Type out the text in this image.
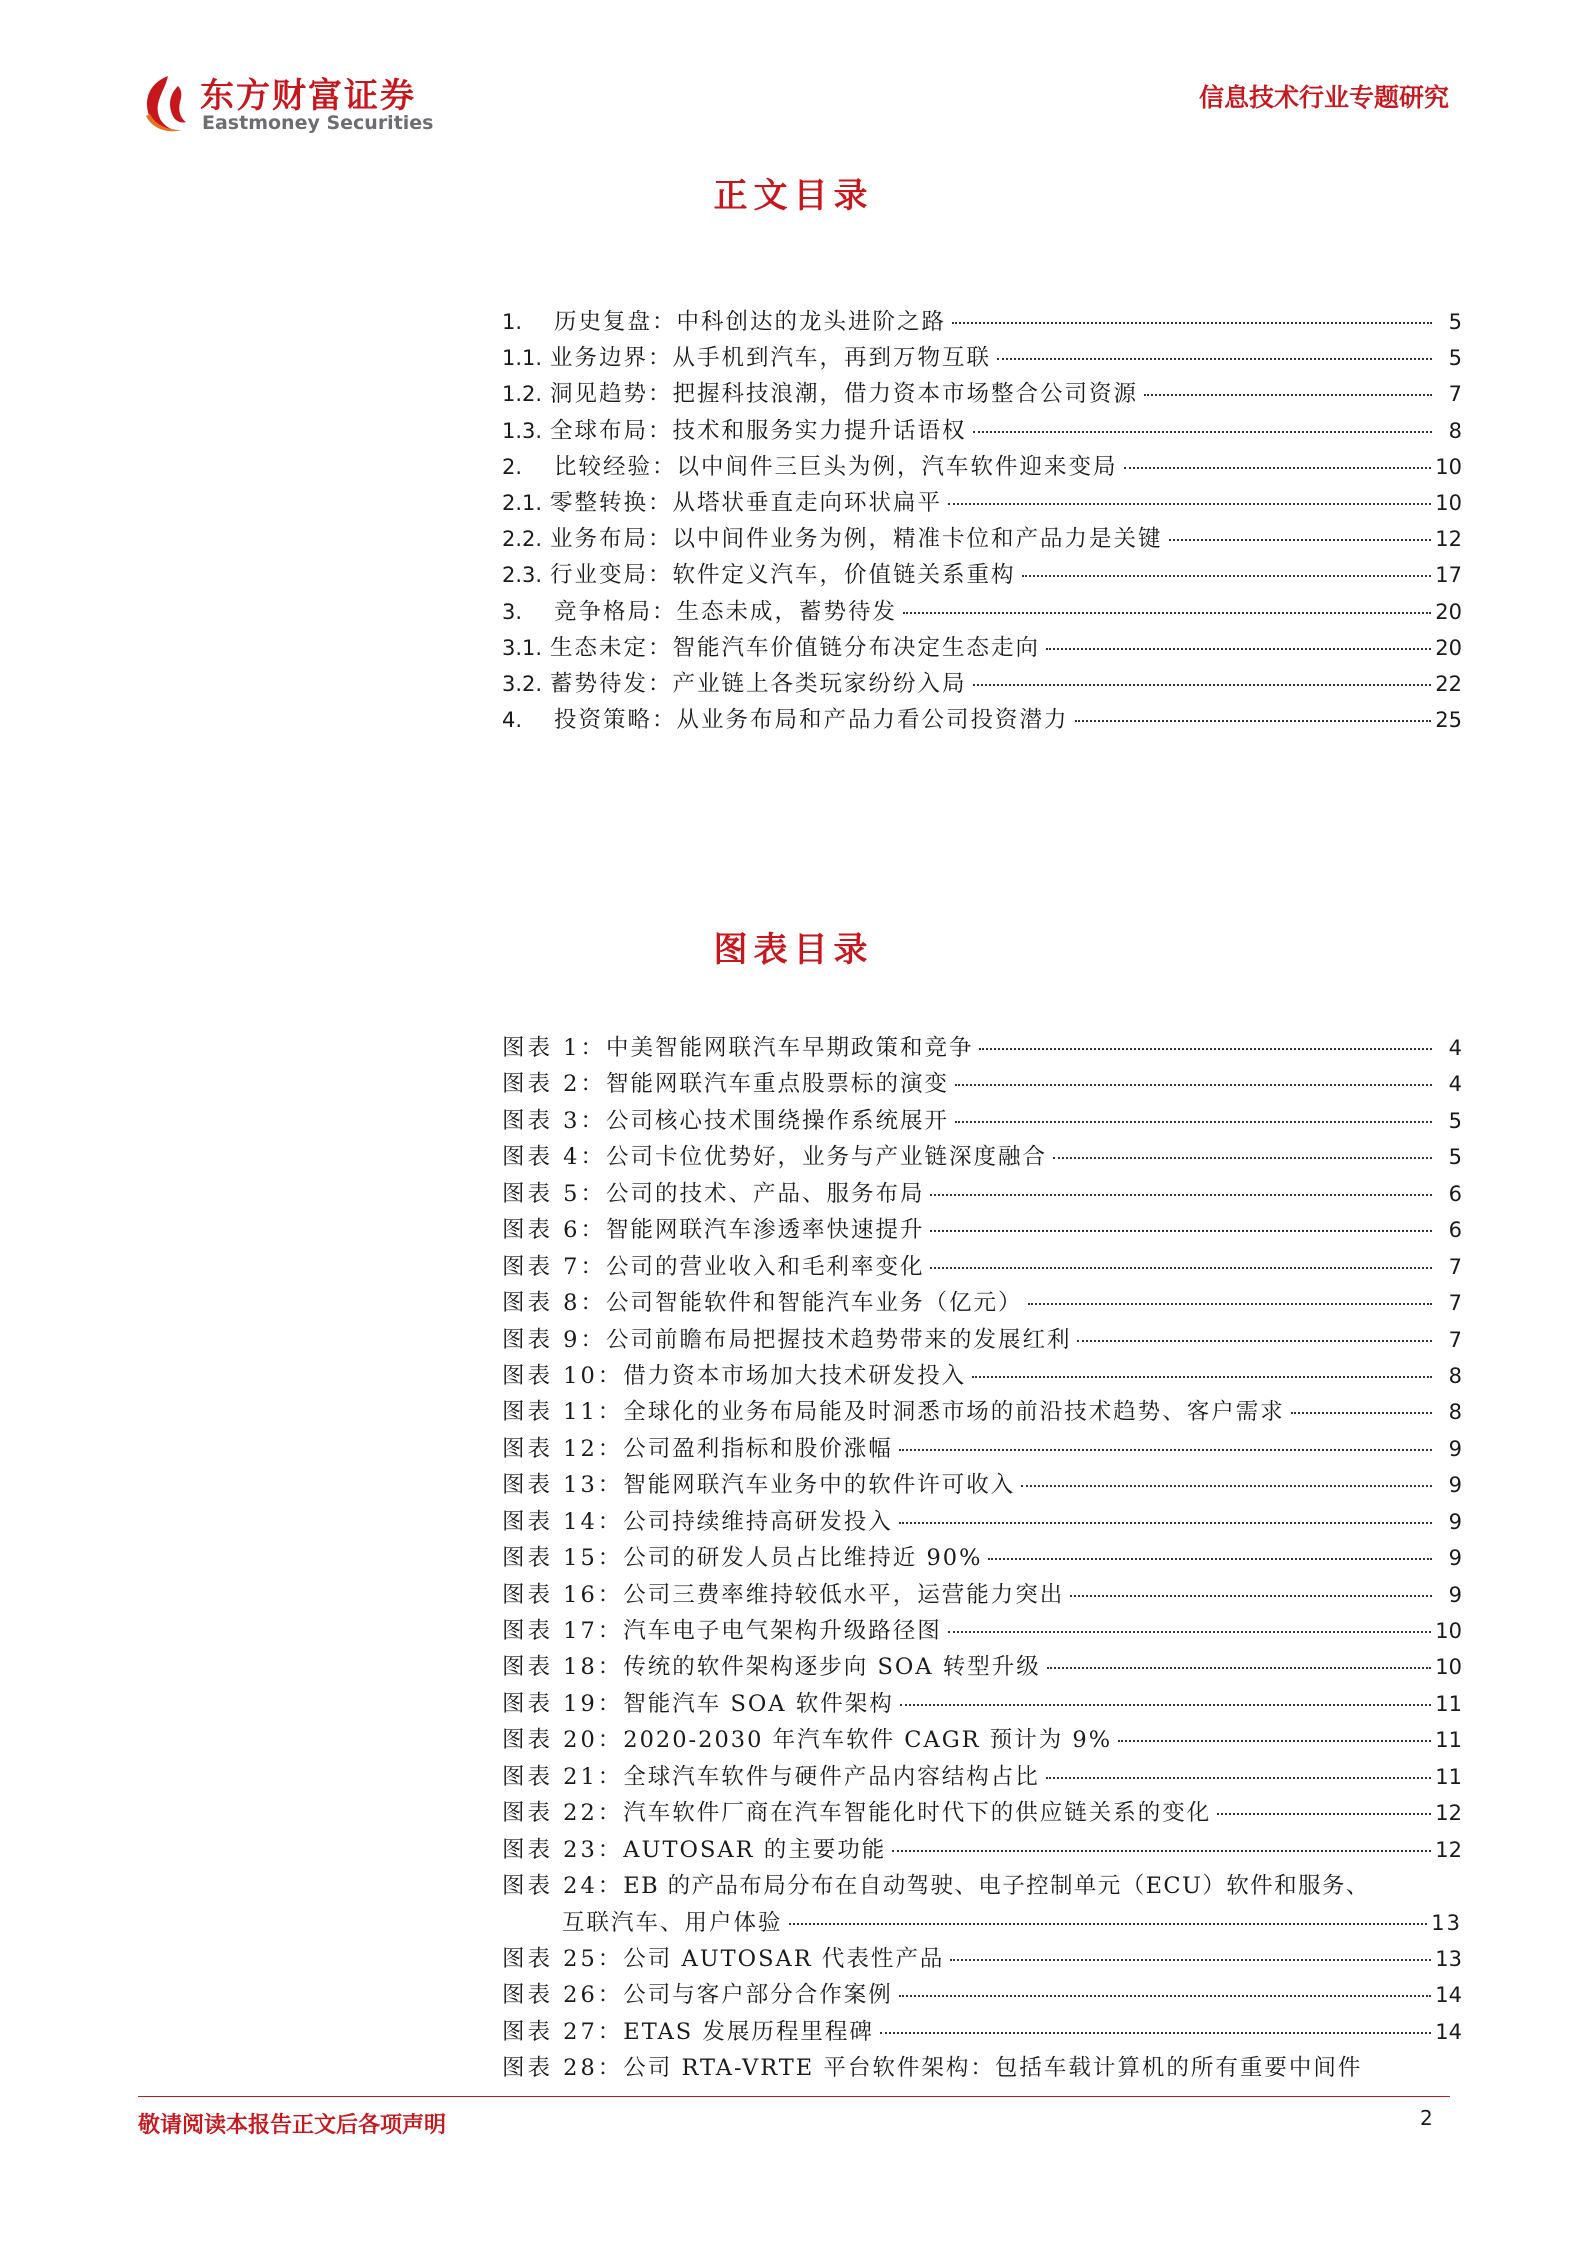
东方财富证券
Eastmoney Securities
信息技术行业专题研究
正文目录
1.	历史复盘：中科创达的龙头进阶之路	5
1.1. 业务边界：从手机到汽车，再到万物互联	5
1.2. 洞见趋势：把握科技浪潮，借力资本市场整合公司资源	7
1.3. 全球布局：技术和服务实力提升话语权	8
2.	比较经验：以中间件三巨头为例，汽车软件迎来变局	10
2.1. 零整转换：从塔状垂直走向环状扁平	10
2.2. 业务布局：以中间件业务为例，精准卡位和产品力是关键	12
2.3. 行业变局：软件定义汽车，价值链关系重构	17
3.	竞争格局：生态未成，蓄势待发	20
3.1. 生态未定：智能汽车价值链分布决定生态走向	20
3.2. 蓄势待发：产业链上各类玩家纷纷入局	22
4.	投资策略：从业务布局和产品力看公司投资潜力	25
图表目录
图表 1： 中美智能网联汽车早期政策和竞争	4
图表 2： 智能网联汽车重点股票标的演变	4
图表 3： 公司核心技术围绕操作系统展开	5
图表 4： 公司卡位优势好，业务与产业链深度融合	5
图表 5： 公司的技术、产品、服务布局	6
图表 6： 智能网联汽车渗透率快速提升	6
图表 7： 公司的营业收入和毛利率变化	7
图表 8： 公司智能软件和智能汽车业务（亿元）	7
图表 9： 公司前瞻布局把握技术趋势带来的发展红利	7
图表 10： 借力资本市场加大技术研发投入	8
图表 11： 全球化的业务布局能及时洞悉市场的前沿技术趋势、客户需求	8
图表 12： 公司盈利指标和股价涨幅	9
图表 13： 智能网联汽车业务中的软件许可收入	9
图表 14： 公司持续维持高研发投入	9
图表 15： 公司的研发人员占比维持近 90%	9
图表 16： 公司三费率维持较低水平，运营能力突出	9
图表 17： 汽车电子电气架构升级路径图	10
图表 18： 传统的软件架构逐步向 SOA 转型升级	10
图表 19： 智能汽车 SOA 软件架构	11
图表 20： 2020-2030 年汽车软件 CAGR 预计为 9%	11
图表 21： 全球汽车软件与硬件产品内容结构占比	11
图表 22： 汽车软件厂商在汽车智能化时代下的供应链关系的变化	12
图表 23： AUTOSAR 的主要功能	12
图表 24： EB 的产品布局分布在自动驾驶、电子控制单元（ECU）软件和服务、
互联汽车、用户体验	13
图表 25： 公司 AUTOSAR 代表性产品	13
图表 26： 公司与客户部分合作案例	14
图表 27： ETAS 发展历程里程碑	14
图表 28： 公司 RTA-VRTE 平台软件架构：包括车载计算机的所有重要中间件
敬请阅读本报告正文后各项声明	2
